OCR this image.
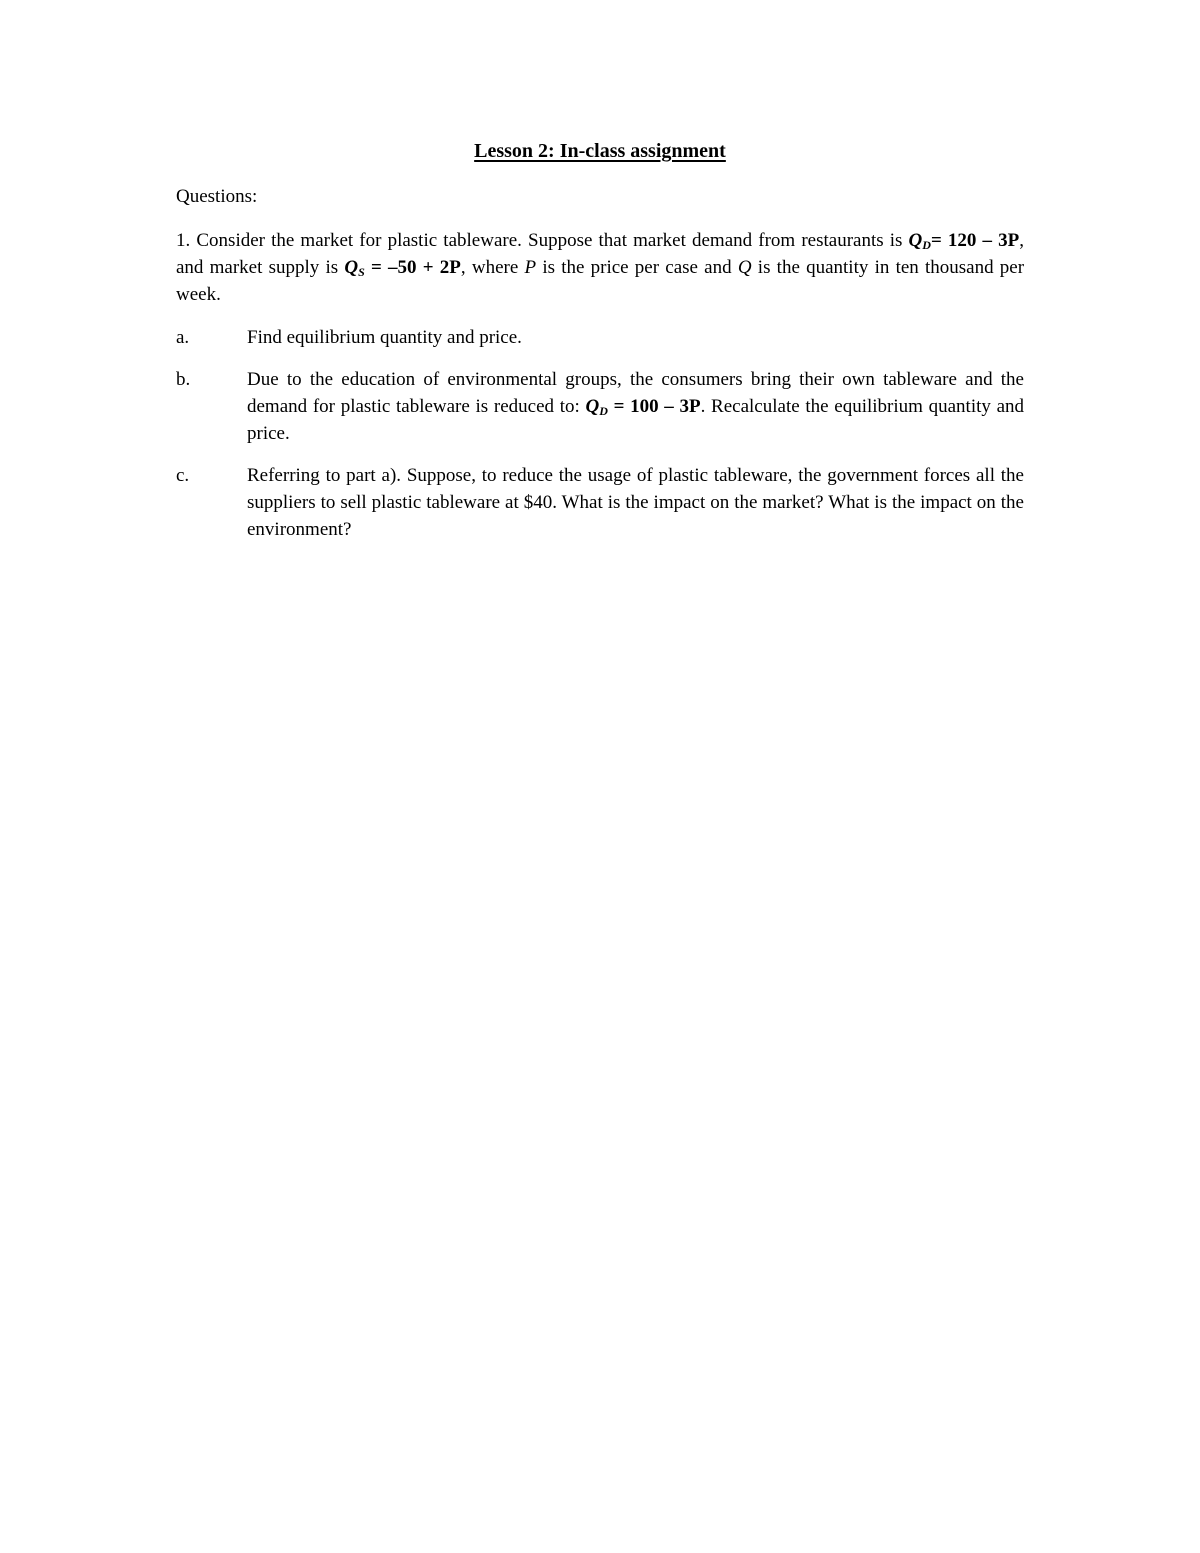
Lesson 2: In-class assignment
Questions:
1. Consider the market for plastic tableware. Suppose that market demand from restaurants is $Q_D= 120 - 3P$, and market supply is $Q_S = -50 + 2P$, where P is the price per case and Q is the quantity in ten thousand per week.
a.	Find equilibrium quantity and price.
b.	Due to the education of environmental groups, the consumers bring their own tableware and the demand for plastic tableware is reduced to: $Q_D = 100 - 3P$. Recalculate the equilibrium quantity and price.
c.	Referring to part a). Suppose, to reduce the usage of plastic tableware, the government forces all the suppliers to sell plastic tableware at $40. What is the impact on the market? What is the impact on the environment?
